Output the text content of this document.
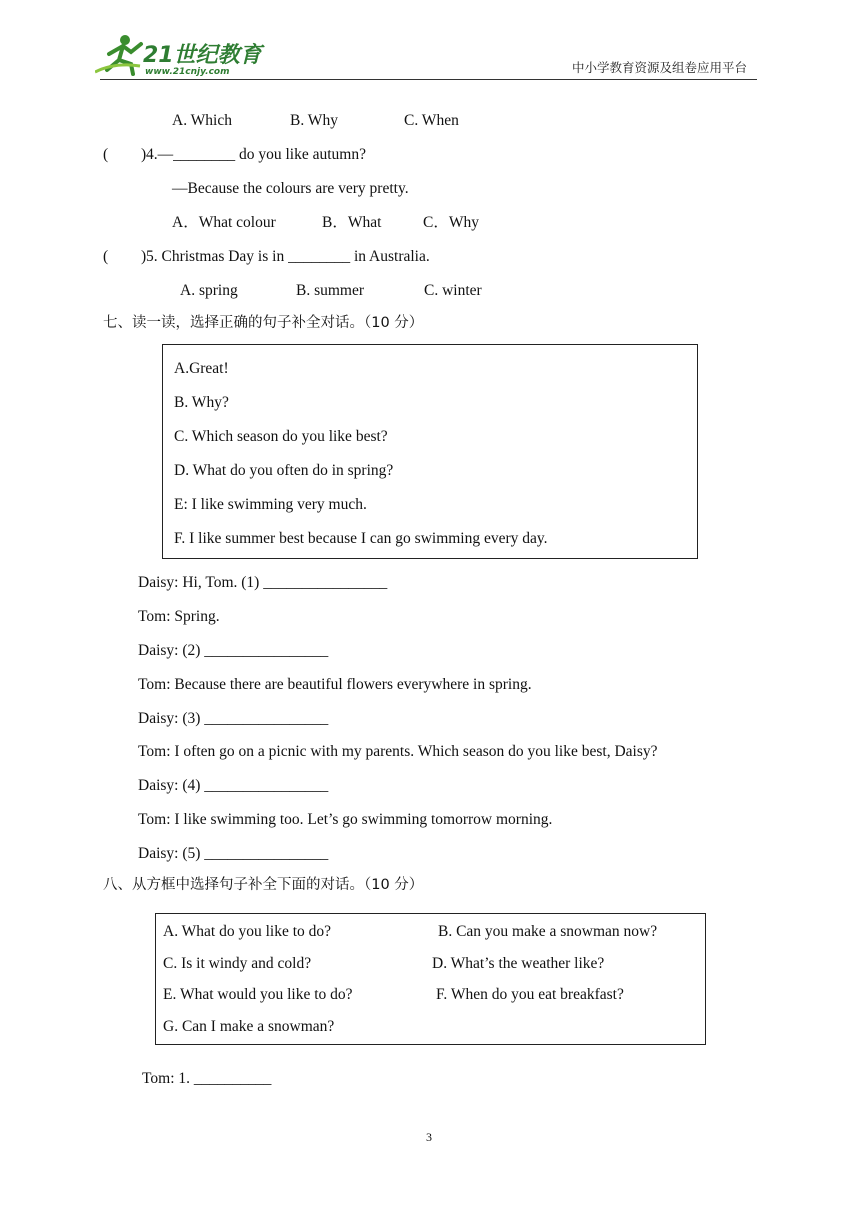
21世纪教育
www.21cnjy.com	中小学教育资源及组卷应用平台
A. Which	B. Why	C. When
( ) 4.—________ do you like autumn?
—Because the colours are very pretty.
A．What colour	B．What	C．Why
( ) 5. Christmas Day is in ________ in Australia.
A. spring	B. summer	C. winter
七、读一读，选择正确的句子补全对话。（10 分）
A.Great!
B. Why?
C. Which season do you like best?
D. What do you often do in spring?
E: I like swimming very much.
F. I like summer best because I can go swimming every day.
Daisy: Hi, Tom. (1) ________________
Tom: Spring.
Daisy: (2) ________________
Tom: Because there are beautiful flowers everywhere in spring.
Daisy: (3) ________________
Tom: I often go on a picnic with my parents. Which season do you like best, Daisy?
Daisy: (4) ________________
Tom: I like swimming too. Let’s go swimming tomorrow morning.
Daisy: (5) ________________
八、从方框中选择句子补全下面的对话。（10 分）
A. What do you like to do?	B. Can you make a snowman now?
C. Is it windy and cold?	D. What’s the weather like?
E. What would you like to do?	F. When do you eat breakfast?
G. Can I make a snowman?
Tom: 1. __________
3
